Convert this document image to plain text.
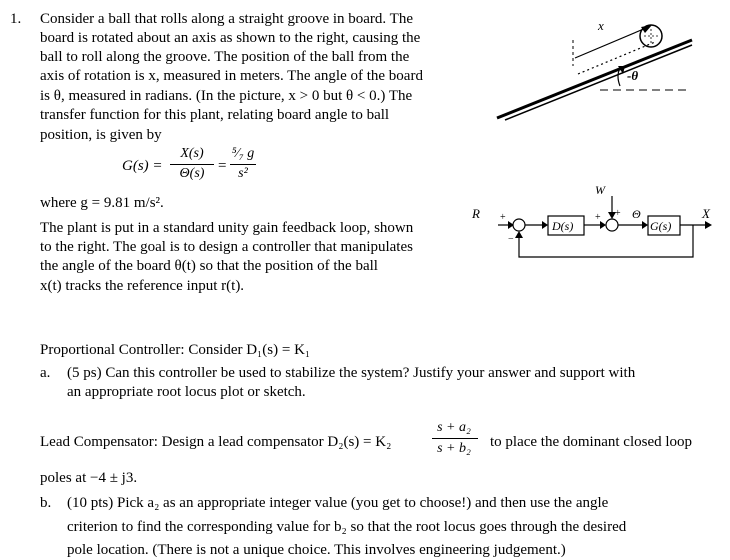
1. Consider a ball that rolls along a straight groove in board. The
board is rotated about an axis as shown to the right, causing the
ball to roll along the groove. The position of the ball from the
axis of rotation is x, measured in meters. The angle of the board
is θ, measured in radians. (In the picture, x > 0 but θ < 0.) The
transfer function for this plant, relating board angle to ball
position, is given by
G(s) =
X(s)
Θ(s) =
⁵⁄₇ g
s²
where g = 9.81 m/s².
The plant is put in a standard unity gain feedback loop, shown
to the right. The goal is to design a controller that manipulates
the angle of the board θ(t) so that the position of the ball
x(t) tracks the reference input r(t).
Proportional Controller: Consider D₁(s) = K₁
a. (5 ps) Can this controller be used to stabilize the system? Justify your answer and support with
an appropriate root locus plot or sketch.
Lead Compensator: Design a lead compensator D₂(s) = K₂
s + a₂
s + b₂	to place the dominant closed loop
poles at −4 ± j3.
b. (10 pts) Pick a₂ as an appropriate integer value (you get to choose!) and then use the angle
criterion to find the corresponding value for b₂ so that the root locus goes through the desired
pole location. (There is not a unique choice. This involves engineering judgement.)
x
-θ
R +
−
D(s)
+
W
+ Θ
G(s)
X
